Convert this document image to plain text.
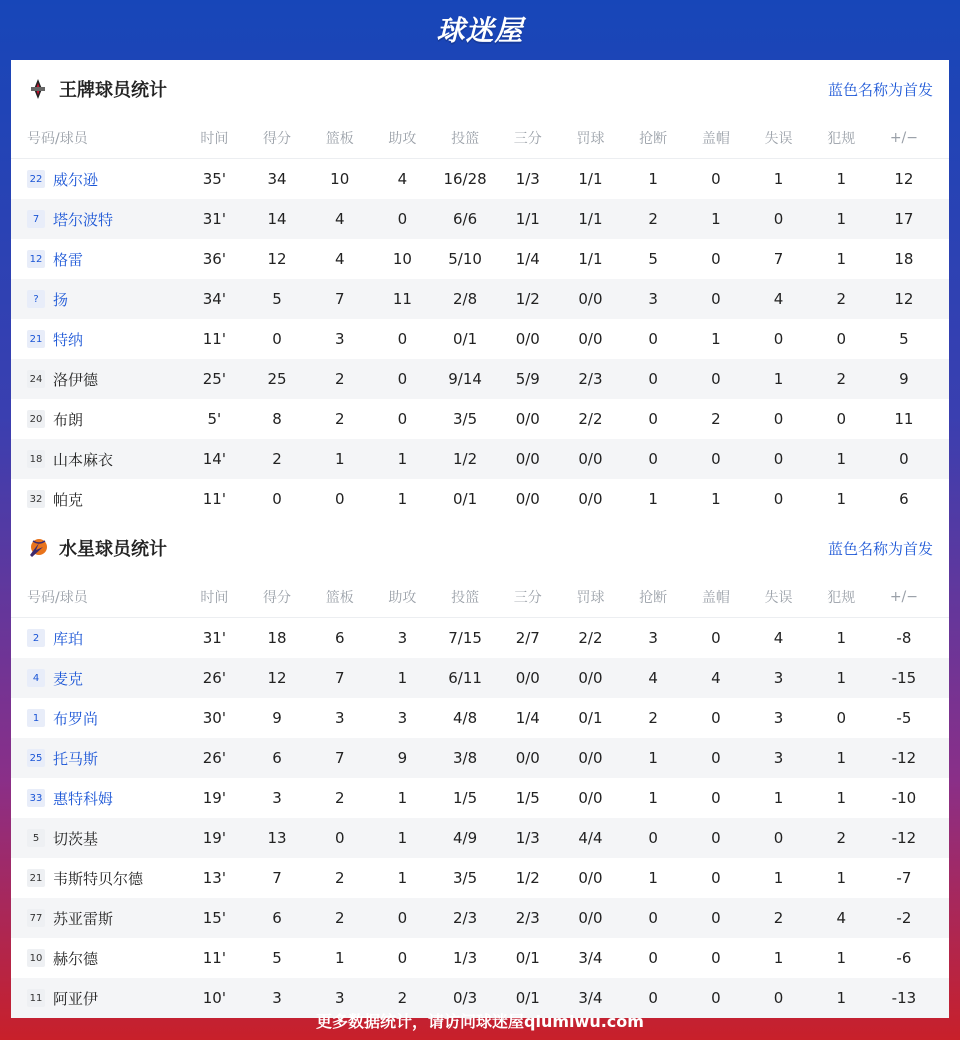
球迷屋
王牌球员统计	蓝色名称为首发
号码/球员	时间	得分	篮板	助攻	投篮	三分	罚球	抢断	盖帽	失误	犯规	+/−
22 威尔逊	35'	34	10	4	16/28	1/3	1/1	1	0	1	1	12
7 塔尔波特	31'	14	4	0	6/6	1/1	1/1	2	1	0	1	17
12 格雷	36'	12	4	10	5/10	1/4	1/1	5	0	7	1	18
? 扬	34'	5	7	11	2/8	1/2	0/0	3	0	4	2	12
21 特纳	11'	0	3	0	0/1	0/0	0/0	0	1	0	0	5
24 洛伊德	25'	25	2	0	9/14	5/9	2/3	0	0	1	2	9
20 布朗	5'	8	2	0	3/5	0/0	2/2	0	2	0	0	11
18 山本麻衣	14'	2	1	1	1/2	0/0	0/0	0	0	0	1	0
32 帕克	11'	0	0	1	0/1	0/0	0/0	1	1	0	1	6
水星球员统计	蓝色名称为首发
号码/球员	时间	得分	篮板	助攻	投篮	三分	罚球	抢断	盖帽	失误	犯规	+/−
2 库珀	31'	18	6	3	7/15	2/7	2/2	3	0	4	1	-8
4 麦克	26'	12	7	1	6/11	0/0	0/0	4	4	3	1	-15
1 布罗尚	30'	9	3	3	4/8	1/4	0/1	2	0	3	0	-5
25 托马斯	26'	6	7	9	3/8	0/0	0/0	1	0	3	1	-12
33 惠特科姆	19'	3	2	1	1/5	1/5	0/0	1	0	1	1	-10
5 切茨基	19'	13	0	1	4/9	1/3	4/4	0	0	0	2	-12
21 韦斯特贝尔德	13'	7	2	1	3/5	1/2	0/0	1	0	1	1	-7
77 苏亚雷斯	15'	6	2	0	2/3	2/3	0/0	0	0	2	4	-2
10 赫尔德	11'	5	1	0	1/3	0/1	3/4	0	0	1	1	-6
11 阿亚伊	10'	3	3	2	0/3	0/1	3/4	0	0	0	1	-13
更多数据统计，请访问球迷屋qiumiwu.com
